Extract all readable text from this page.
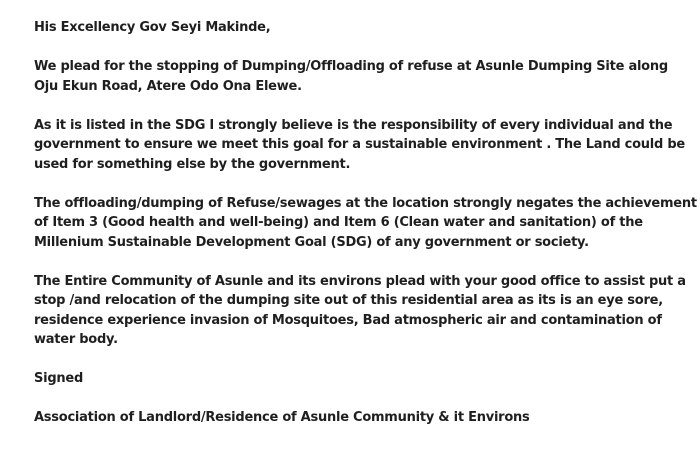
His Excellency Gov Seyi Makinde,

We plead for the stopping of Dumping/Offloading of refuse at Asunle Dumping Site along
Oju Ekun Road, Atere Odo Ona Elewe.

As it is listed in the SDG I strongly believe is the responsibility of every individual and the
government to ensure we meet this goal for a sustainable environment . The Land could be
used for something else by the government.

The offloading/dumping of Refuse/sewages at the location strongly negates the achievement
of Item 3 (Good health and well-being) and Item 6 (Clean water and sanitation) of the
Millenium Sustainable Development Goal (SDG) of any government or society.

The Entire Community of Asunle and its environs plead with your good office to assist put a
stop /and relocation of the dumping site out of this residential area as its is an eye sore,
residence experience invasion of Mosquitoes, Bad atmospheric air and contamination of
water body.

Signed

Association of Landlord/Residence of Asunle Community & it Environs
